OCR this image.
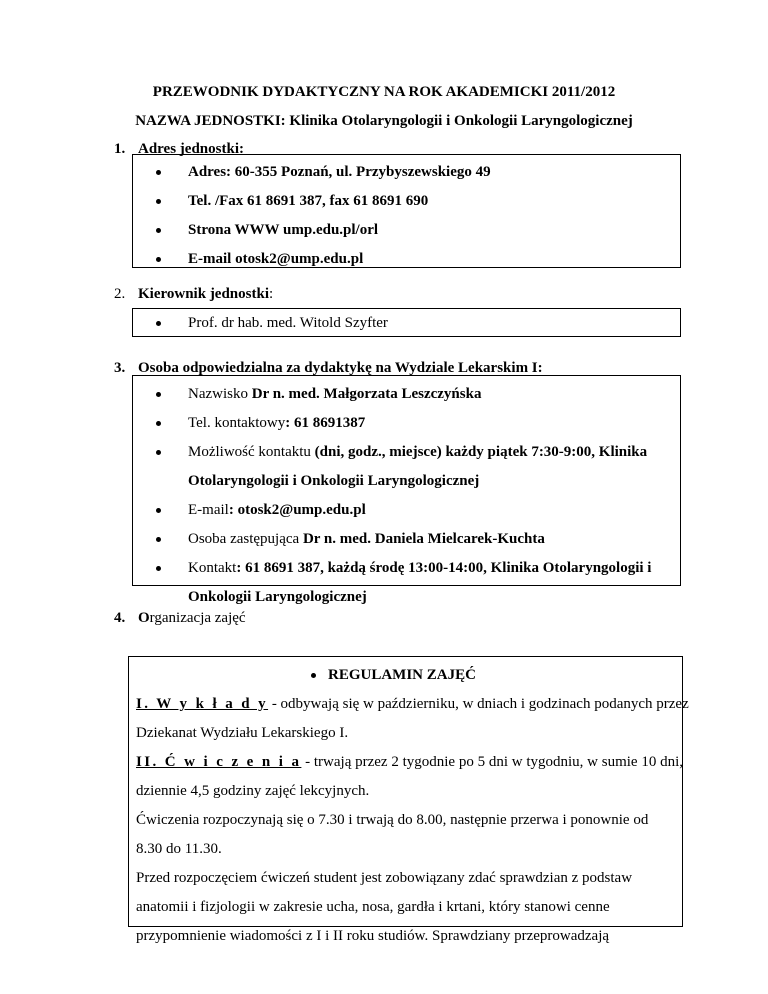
PRZEWODNIK DYDAKTYCZNY NA ROK AKADEMICKI 2011/2012
NAZWA JEDNOSTKI: Klinika Otolaryngologii i Onkologii Laryngologicznej
1. Adres jednostki:
Adres: 60-355 Poznań, ul. Przybyszewskiego 49
Tel. /Fax 61 8691 387, fax 61 8691 690
Strona WWW ump.edu.pl/orl
E-mail otosk2@ump.edu.pl
2. Kierownik jednostki:
Prof. dr hab. med. Witold Szyfter
3. Osoba odpowiedzialna za dydaktykę na Wydziale Lekarskim I:
Nazwisko Dr n. med. Małgorzata Leszczyńska
Tel. kontaktowy: 61 8691387
Możliwość kontaktu (dni, godz., miejsce) każdy piątek 7:30-9:00, Klinika
Otolaryngologii i Onkologii Laryngologicznej
E-mail: otosk2@ump.edu.pl
Osoba zastępująca Dr n. med. Daniela Mielcarek-Kuchta
Kontakt: 61 8691 387, każdą środę 13:00-14:00, Klinika Otolaryngologii i
Onkologii Laryngologicznej
4. Organizacja zajęć

REGULAMIN ZAJĘĆ

I. W y k ł a d y - odbywają się w październiku, w dniach i godzinach podanych przez

Dziekanat Wydziału Lekarskiego I.

II. Ć w i c z e n i a - trwają przez 2 tygodnie po 5 dni w tygodniu, w sumie 10 dni,

dziennie 4,5 godziny zajęć lekcyjnych.

Ćwiczenia rozpoczynają się o 7.30 i trwają do 8.00, następnie przerwa i ponownie od

8.30 do 11.30.

Przed rozpoczęciem ćwiczeń student jest zobowiązany zdać sprawdzian z podstaw

anatomii i fizjologii w zakresie ucha, nosa, gardła i krtani, który stanowi cenne

przypomnienie wiadomości z I i II roku studiów. Sprawdziany przeprowadzają
